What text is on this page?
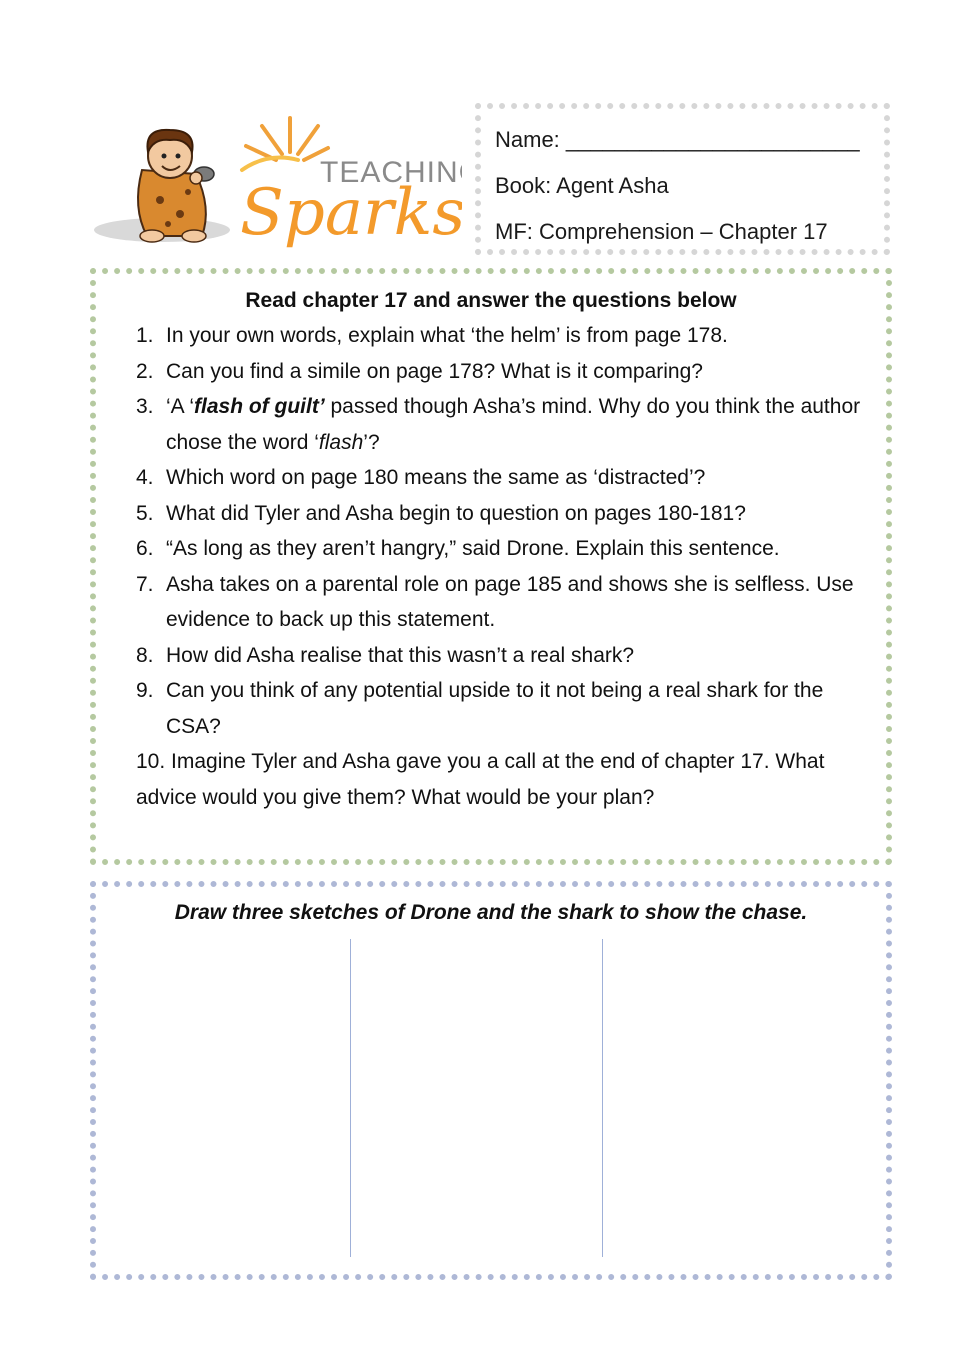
TEACHIN
Sparks
Name: ________________________
Book: Agent Asha
MF: Comprehension – Chapter 17
Read chapter 17 and answer the questions below
1. In your own words, explain what ‘the helm’ is from page 178.
2. Can you find a simile on page 178? What is it comparing?
3. ‘A ‘flash of guilt’ passed though Asha’s mind. Why do you think the author chose the word ‘flash’?
4. Which word on page 180 means the same as ‘distracted’?
5. What did Tyler and Asha begin to question on pages 180-181?
6. “As long as they aren’t hangry,” said Drone. Explain this sentence.
7. Asha takes on a parental role on page 185 and shows she is selfless. Use evidence to back up this statement.
8. How did Asha realise that this wasn’t a real shark?
9. Can you think of any potential upside to it not being a real shark for the CSA?
10. Imagine Tyler and Asha gave you a call at the end of chapter 17. What advice would you give them? What would be your plan?
Draw three sketches of Drone and the shark to show the chase.
